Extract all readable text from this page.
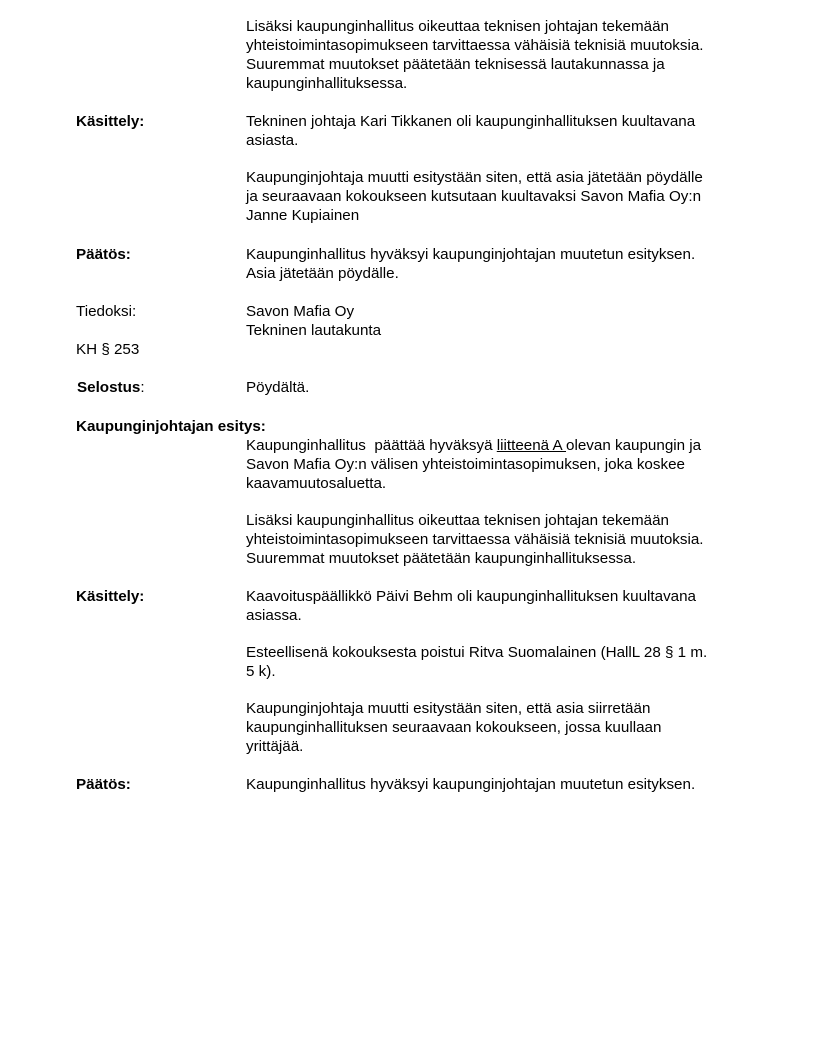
Lisäksi kaupunginhallitus oikeuttaa teknisen johtajan tekemään
yhteistoimintasopimukseen tarvittaessa vähäisiä teknisiä muutoksia.
Suuremmat muutokset päätetään teknisessä lautakunnassa ja
kaupunginhallituksessa.
Käsittely:	Tekninen johtaja Kari Tikkanen oli kaupunginhallituksen kuultavana
asiasta.
Kaupunginjohtaja muutti esitystään siten, että asia jätetään pöydälle
ja seuraavaan kokoukseen kutsutaan kuultavaksi Savon Mafia Oy:n
Janne Kupiainen
Päätös:	Kaupunginhallitus hyväksyi kaupunginjohtajan muutetun esityksen.
Asia jätetään pöydälle.
Tiedoksi:	Savon Mafia Oy
Tekninen lautakunta
KH § 253
Selostus:	Pöydältä.
Kaupunginjohtajan esitys:
Kaupunginhallitus  päättää hyväksyä liitteenä A olevan kaupungin ja
Savon Mafia Oy:n välisen yhteistoimintasopimuksen, joka koskee
kaavamuutosaluetta.
Lisäksi kaupunginhallitus oikeuttaa teknisen johtajan tekemään
yhteistoimintasopimukseen tarvittaessa vähäisiä teknisiä muutoksia.
Suuremmat muutokset päätetään kaupunginhallituksessa.
Käsittely:	Kaavoituspäällikkö Päivi Behm oli kaupunginhallituksen kuultavana
asiassa.
Esteellisenä kokouksesta poistui Ritva Suomalainen (HallL 28 § 1 m.
5 k).
Kaupunginjohtaja muutti esitystään siten, että asia siirretään
kaupunginhallituksen seuraavaan kokoukseen, jossa kuullaan
yrittäjää.
Päätös:	Kaupunginhallitus hyväksyi kaupunginjohtajan muutetun esityksen.
